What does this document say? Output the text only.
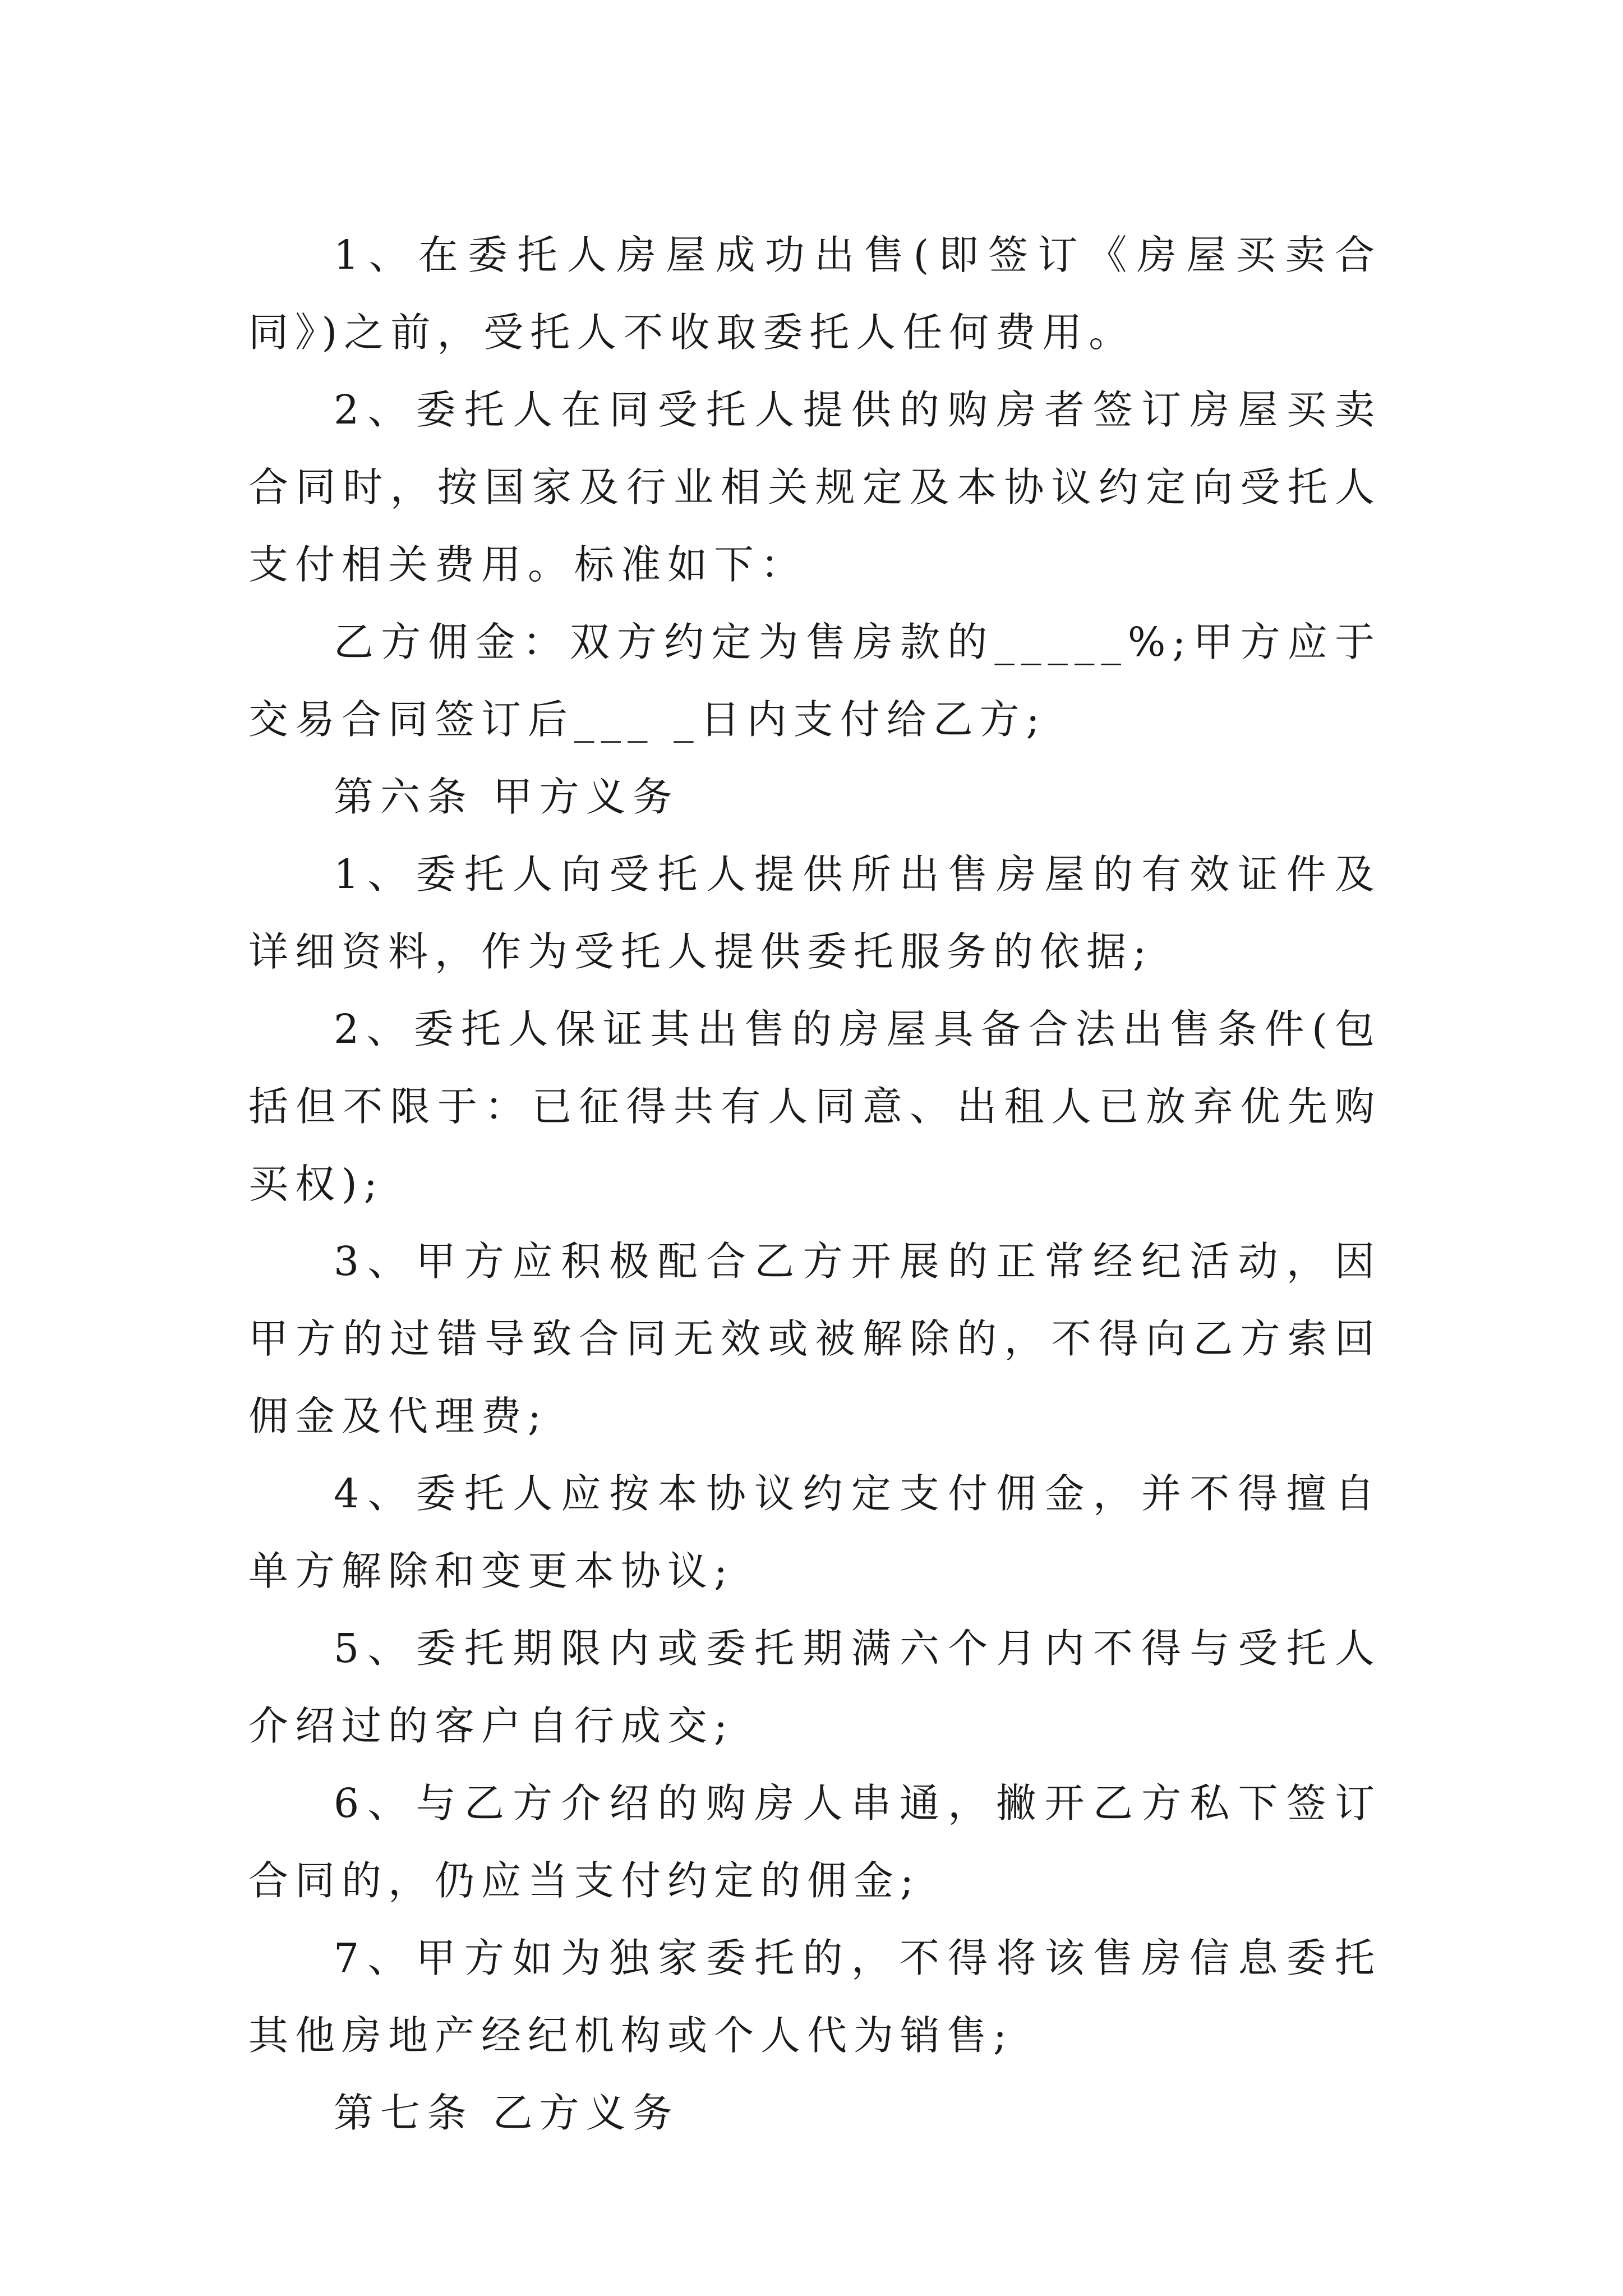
1、在委托人房屋成功出售(即签订《房屋买卖合同》)之前，受托人不收取委托人任何费用。

2、委托人在同受托人提供的购房者签订房屋买卖合同时，按国家及行业相关规定及本协议约定向受托人支付相关费用。标准如下：

乙方佣金：双方约定为售房款的_____%;甲方应于交易合同签订后___ _日内支付给乙方;

第六条 甲方义务

1、委托人向受托人提供所出售房屋的有效证件及详细资料，作为受托人提供委托服务的依据;

2、委托人保证其出售的房屋具备合法出售条件(包括但不限于：已征得共有人同意、出租人已放弃优先购买权);

3、甲方应积极配合乙方开展的正常经纪活动，因甲方的过错导致合同无效或被解除的，不得向乙方索回佣金及代理费;

4、委托人应按本协议约定支付佣金，并不得擅自单方解除和变更本协议;

5、委托期限内或委托期满六个月内不得与受托人介绍过的客户自行成交;

6、与乙方介绍的购房人串通，撇开乙方私下签订合同的，仍应当支付约定的佣金;

7、甲方如为独家委托的，不得将该售房信息委托其他房地产经纪机构或个人代为销售;

第七条 乙方义务
